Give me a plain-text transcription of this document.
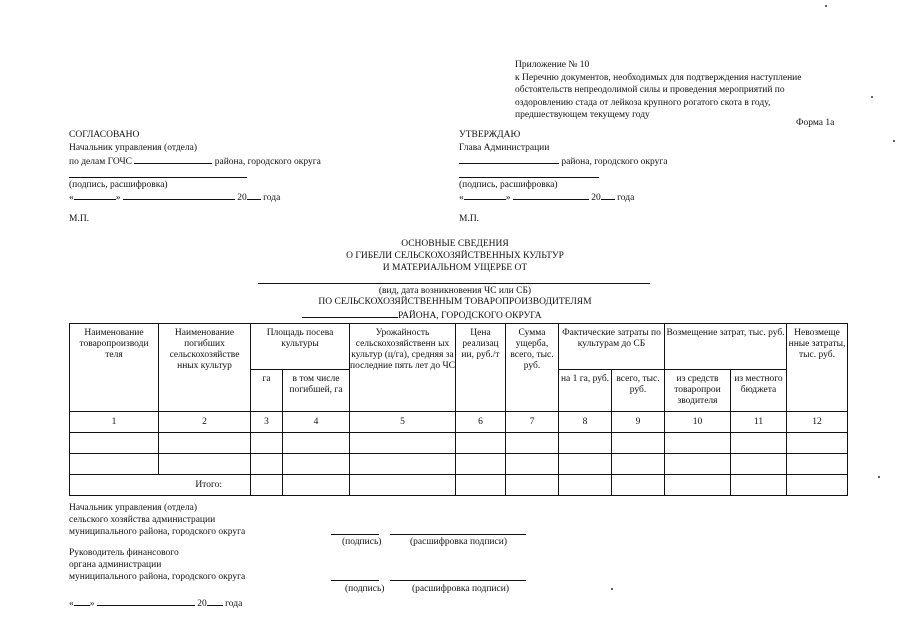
Приложение № 10
к Перечню документов, необходимых для подтверждения наступление
обстоятельств непреодолимой силы и проведения мероприятий по
оздоровлению стада от лейкоза крупного рогатого скота в году,
предшествующем текущему году
Форма 1а
СОГЛАСОВАНО
Начальник управления (отдела)
по делам ГОЧС	района, городского округа
(подпись, расшифровка)
«	»	20 года
М.П.
УТВЕРЖДАЮ
Глава Администрации
района, городского округа
(подпись, расшифровка)
«	»	20 года
М.П.
ОСНОВНЫЕ СВЕДЕНИЯ
О ГИБЕЛИ СЕЛЬСКОХОЗЯЙСТВЕННЫХ КУЛЬТУР
И МАТЕРИАЛЬНОМ УЩЕРБЕ ОТ
(вид, дата возникновения ЧС или СБ)
ПО СЕЛЬСКОХОЗЯЙСТВЕННЫМ ТОВАРОПРОИЗВОДИТЕЛЯМ
РАЙОНА, ГОРОДСКОГО ОКРУГА
Наименование товаропроизводи теля	Наименование погибших сельскохозяйстве нных культур	Площадь посева культуры		Урожайность сельскохозяйственн ых культур (ц/га), средняя за последние пять лет до ЧС	Цена реализац ии, руб./т	Сумма ущерба, всего, тыс. руб.	Фактические затраты по культурам до СБ		Возмещение затрат, тыс. руб.		Невозмеще нные затраты, тыс. руб.
		га	в том числе погибшей, га				на 1 га, руб.	всего, тыс. руб.	из средств товаропрои зводителя	из местного бюджета	
1	2	3	4	5	6	7	8	9	10	11	12

Итого:											
Начальник управления (отдела)
сельского хозяйства администрации
муниципального района, городского округа
(подпись)	(расшифровка подписи)
Руководитель финансового
органа администрации
муниципального района, городского округа
(подпись)	(расшифровка подписи)
« »	20 года
